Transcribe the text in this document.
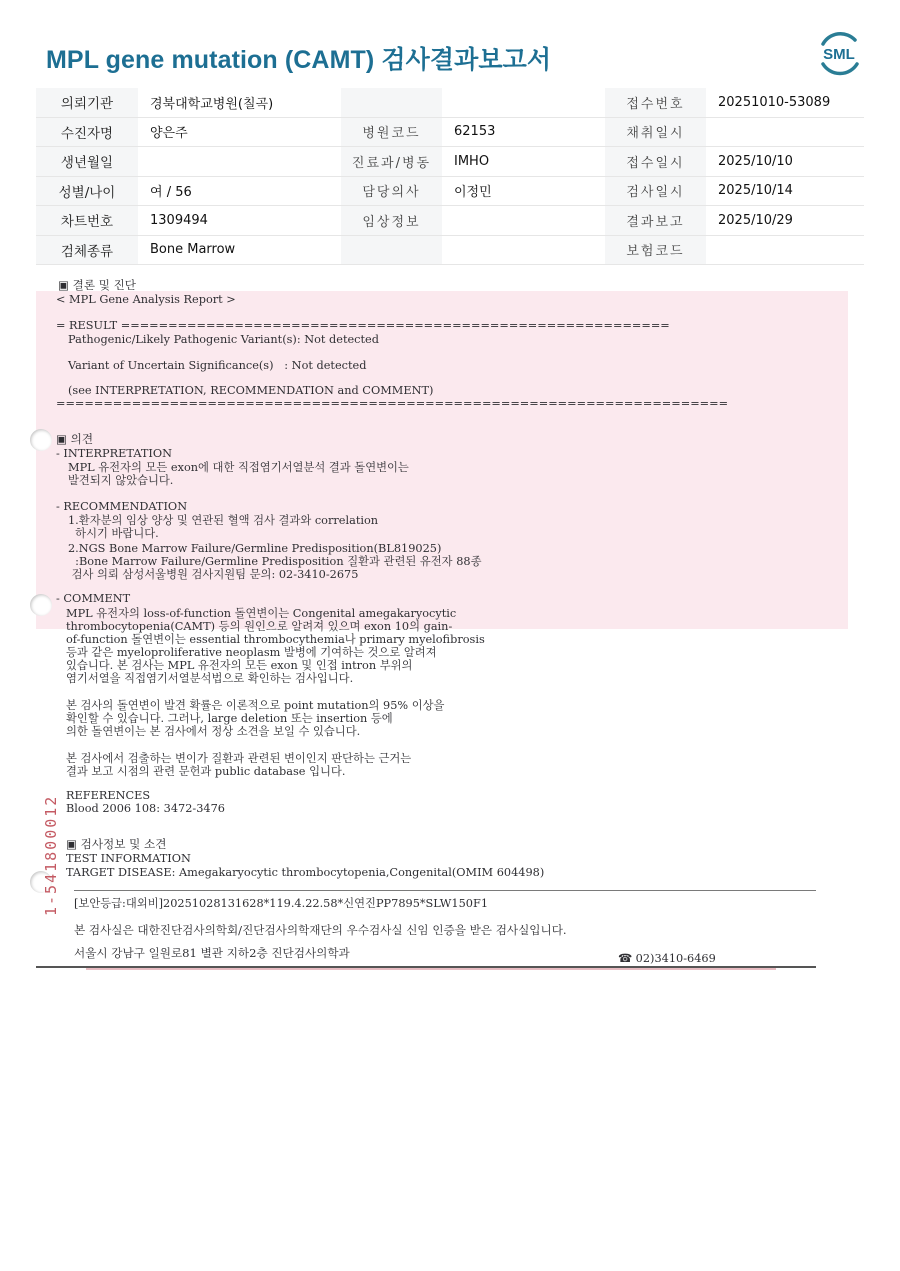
MPL gene mutation (CAMT) 검사결과보고서	SML
의뢰기관	경북대학교병원(칠곡)			접수번호	20251010-53089
수진자명	양은주	병원코드	62153	채취일시	
생년월일		진료과/병동	IMHO	접수일시	2025/10/10
성별/나이	여 / 56	담당의사	이정민	검사일시	2025/10/14
차트번호	1309494	임상정보		결과보고	2025/10/29
검체종류	Bone Marrow			보험코드	
▣ 결론 및 진단
< MPL Gene Analysis Report >
= RESULT ==========================================================
Pathogenic/Likely Pathogenic Variant(s): Not detected
Variant of Uncertain Significance(s)   : Not detected
(see INTERPRETATION, RECOMMENDATION and COMMENT)
=======================================================================
▣ 의견
- INTERPRETATION
MPL 유전자의 모든 exon에 대한 직접염기서열분석 결과 돌연변이는
발견되지 않았습니다.
- RECOMMENDATION
1.환자분의 임상 양상 및 연관된 혈액 검사 결과와 correlation
하시기 바랍니다.
2.NGS Bone Marrow Failure/Germline Predisposition(BL819025)
:Bone Marrow Failure/Germline Predisposition 질환과 관련된 유전자 88종
검사 의뢰 삼성서울병원 검사지원팀 문의: 02-3410-2675
- COMMENT
MPL 유전자의 loss-of-function 돌연변이는 Congenital amegakaryocytic
thrombocytopenia(CAMT) 등의 원인으로 알려져 있으며 exon 10의 gain-
of-function 돌연변이는 essential thrombocythemia나 primary myelofibrosis
등과 같은 myeloproliferative neoplasm 발병에 기여하는 것으로 알려져
있습니다. 본 검사는 MPL 유전자의 모든 exon 및 인접 intron 부위의
염기서열을 직접염기서열분석법으로 확인하는 검사입니다.
본 검사의 돌연변이 발견 확률은 이론적으로 point mutation의 95% 이상을
확인할 수 있습니다. 그러나, large deletion 또는 insertion 등에
의한 돌연변이는 본 검사에서 정상 소견을 보일 수 있습니다.
본 검사에서 검출하는 변이가 질환과 관련된 변이인지 판단하는 근거는
결과 보고 시점의 관련 문헌과 public database 입니다.
REFERENCES
Blood 2006 108: 3472-3476
▣ 검사정보 및 소견
TEST INFORMATION
TARGET DISEASE: Amegakaryocytic thrombocytopenia,Congenital(OMIM 604498)
[보안등급:대외비]20251028131628*119.4.22.58*신연진PP7895*SLW150F1
본 검사실은 대한진단검사의학회/진단검사의학재단의 우수검사실 신임 인증을 받은 검사실입니다.
서울시 강남구 일원로81 별관 지하2층 진단검사의학과	☎ 02)3410-6469
1-541800012
